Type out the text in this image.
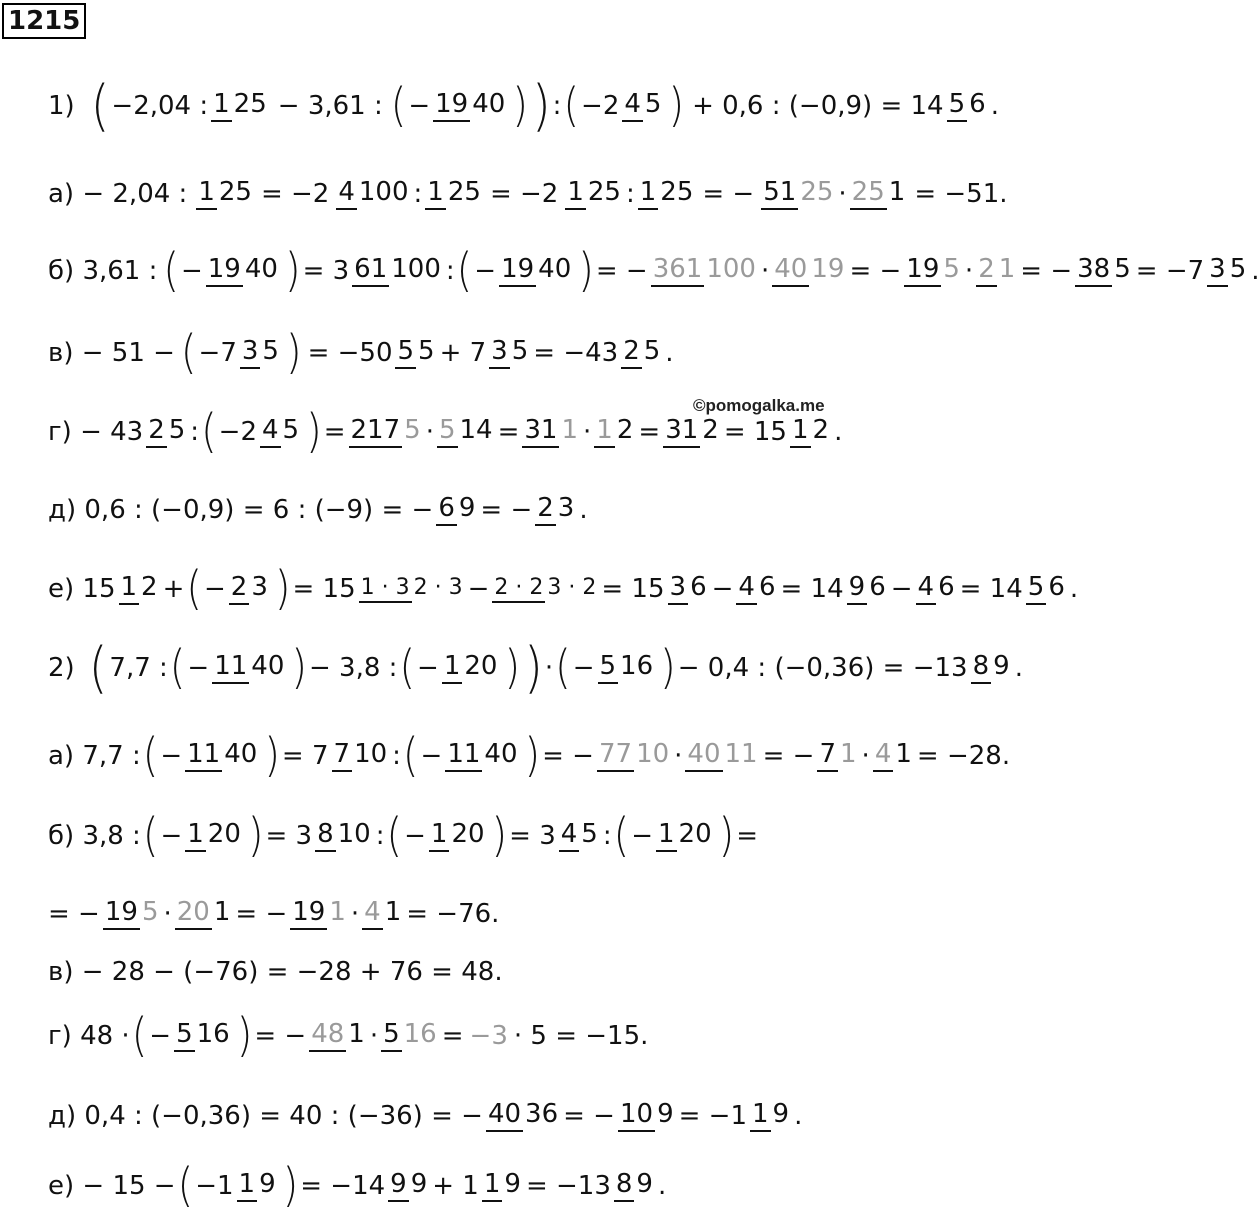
1215
©pomogalka.me
1) ( −2,04 : 1 25 − 3,61 : ( − 19 40 ) ) : ( −2 4 5 ) + 0,6 : (−0,9) = 14 5 6 .
а) − 2,04 : 1 25 = −2 4 100 : 1 25 = −2 1 25 : 1 25 = − 51 25 · 25 1 = −51.
б) 3,61 : ( − 19 40 ) = 3 61 100 : ( − 19 40 ) = − 361 100 · 40 19 = − 19 5 · 2 1 = − 38 5 = −7 3 5 .
в) − 51 − ( −7 3 5 ) = −50 5 5 + 7 3 5 = −43 2 5 .
г) − 43 2 5 : ( −2 4 5 ) = 217 5 · 5 14 = 31 1 · 1 2 = 31 2 = 15 1 2 .
д) 0,6 : (−0,9) = 6 : (−9) = − 6 9 = − 2 3 .
е) 15 1 2 + ( − 2 3 ) = 15 1 · 3 2 · 3 − 2 · 2 3 · 2 = 15 3 6 − 4 6 = 14 9 6 − 4 6 = 14 5 6 .
2) ( 7,7 : ( − 11 40 ) − 3,8 : ( − 1 20 ) ) · ( − 5 16 ) − 0,4 : (−0,36) = −13 8 9 .
а) 7,7 : ( − 11 40 ) = 7 7 10 : ( − 11 40 ) = − 77 10 · 40 11 = − 7 1 · 4 1 = −28.
б) 3,8 : ( − 1 20 ) = 3 8 10 : ( − 1 20 ) = 3 4 5 : ( − 1 20 ) =
= − 19 5 · 20 1 = − 19 1 · 4 1 = −76.
в) − 28 − (−76) = −28 + 76 = 48.
г) 48 · ( − 5 16 ) = − 48 1 · 5 16 = −3 · 5 = −15.
д) 0,4 : (−0,36) = 40 : (−36) = − 40 36 = − 10 9 = −1 1 9 .
е) − 15 − ( −1 1 9 ) = −14 9 9 + 1 1 9 = −13 8 9 .
